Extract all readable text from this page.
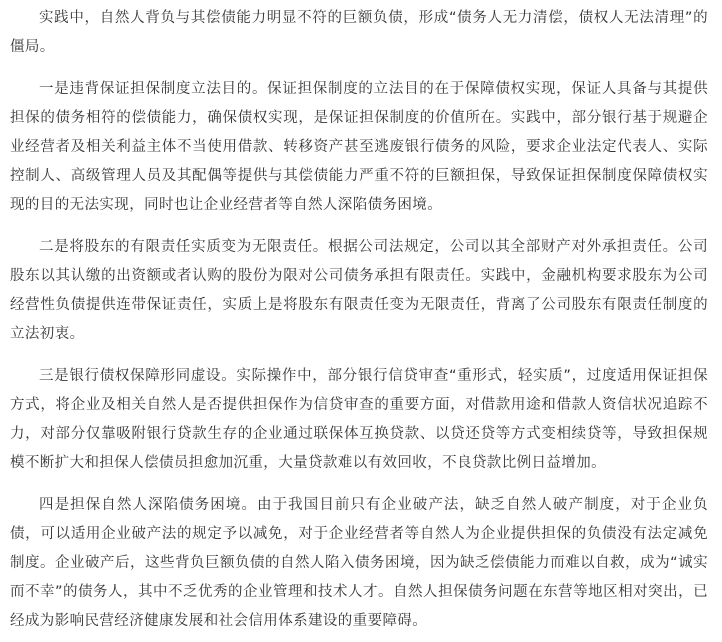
实践中，自然人背负与其偿债能力明显不符的巨额负债，形成“债务人无力清偿，债权人无法清理”的僵局。

一是违背保证担保制度立法目的。保证担保制度的立法目的在于保障债权实现，保证人具备与其提供担保的债务相符的偿债能力，确保债权实现，是保证担保制度的价值所在。实践中，部分银行基于规避企业经营者及相关利益主体不当使用借款、转移资产甚至逃废银行债务的风险，要求企业法定代表人、实际控制人、高级管理人员及其配偶等提供与其偿债能力严重不符的巨额担保，导致保证担保制度保障债权实现的目的无法实现，同时也让企业经营者等自然人深陷债务困境。

二是将股东的有限责任实质变为无限责任。根据公司法规定，公司以其全部财产对外承担责任。公司股东以其认缴的出资额或者认购的股份为限对公司债务承担有限责任。实践中，金融机构要求股东为公司经营性负债提供连带保证责任，实质上是将股东有限责任变为无限责任，背离了公司股东有限责任制度的立法初衷。

三是银行债权保障形同虚设。实际操作中，部分银行信贷审查“重形式，轻实质”，过度适用保证担保方式，将企业及相关自然人是否提供担保作为信贷审查的重要方面，对借款用途和借款人资信状况追踪不力，对部分仅靠吸附银行贷款生存的企业通过联保体互换贷款、以贷还贷等方式变相续贷等，导致担保规模不断扩大和担保人偿债员担愈加沉重，大量贷款难以有效回收，不良贷款比例日益增加。

四是担保自然人深陷债务困境。由于我国目前只有企业破产法，缺乏自然人破产制度，对于企业负债，可以适用企业破产法的规定予以减免，对于企业经营者等自然人为企业提供担保的负债没有法定减免制度。企业破产后，这些背负巨额负债的自然人陷入债务困境，因为缺乏偿债能力而难以自救，成为“诚实而不幸”的债务人，其中不乏优秀的企业管理和技术人才。自然人担保债务问题在东营等地区相对突出，已经成为影响民营经济健康发展和社会信用体系建设的重要障碍。
